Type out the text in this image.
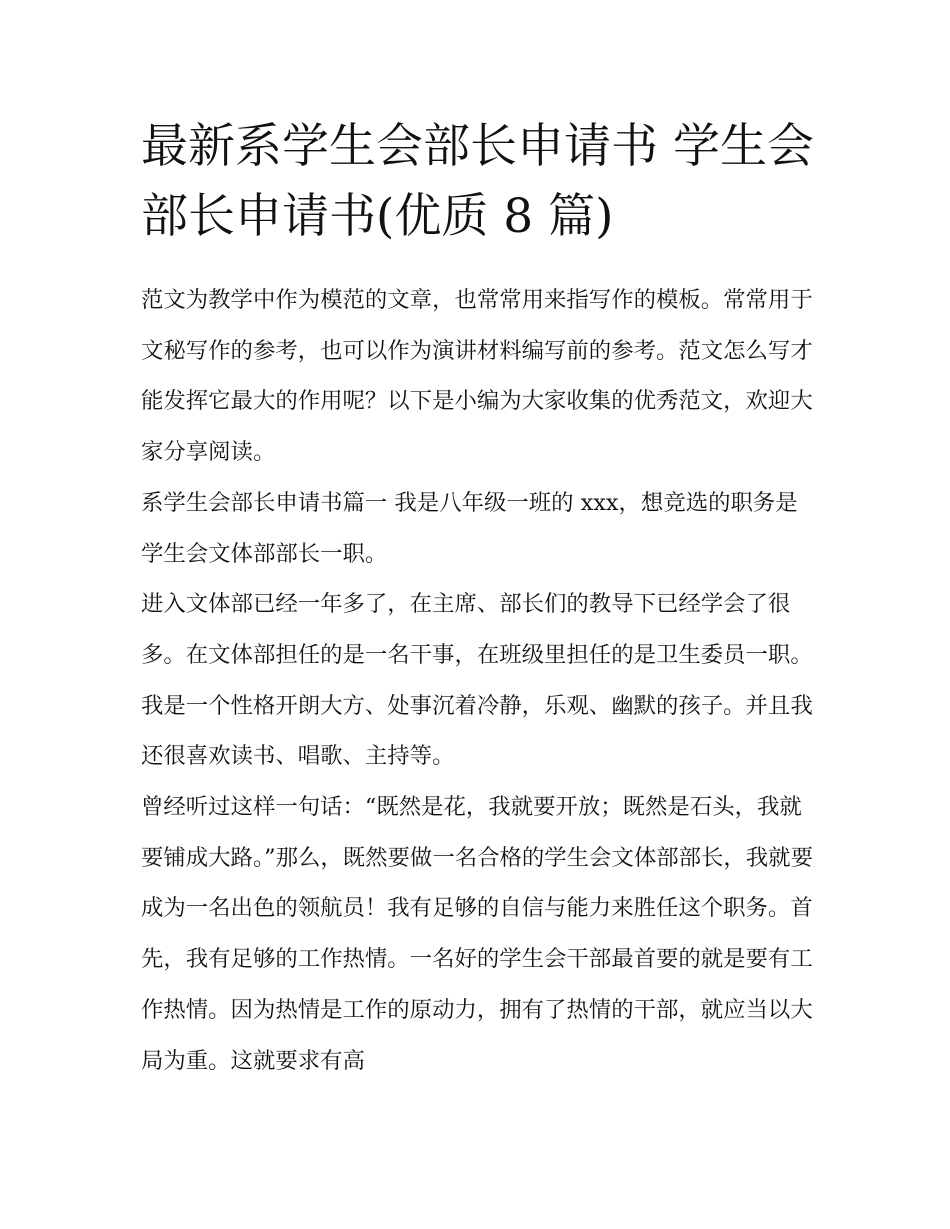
最新系学生会部长申请书 学生会部长申请书(优质 8 篇)

范文为教学中作为模范的文章，也常常用来指写作的模板。常常用于文秘写作的参考，也可以作为演讲材料编写前的参考。范文怎么写才能发挥它最大的作用呢？以下是小编为大家收集的优秀范文，欢迎大家分享阅读。

系学生会部长申请书篇一 我是八年级一班的 xxx，想竞选的职务是学生会文体部部长一职。

进入文体部已经一年多了，在主席、部长们的教导下已经学会了很多。在文体部担任的是一名干事，在班级里担任的是卫生委员一职。我是一个性格开朗大方、处事沉着冷静，乐观、幽默的孩子。并且我还很喜欢读书、唱歌、主持等。

曾经听过这样一句话：“既然是花，我就要开放；既然是石头，我就要铺成大路。”那么，既然要做一名合格的学生会文体部部长，我就要成为一名出色的领航员！我有足够的自信与能力来胜任这个职务。首先，我有足够的工作热情。一名好的学生会干部最首要的就是要有工作热情。因为热情是工作的原动力，拥有了热情的干部，就应当以大局为重。这就要求有高
